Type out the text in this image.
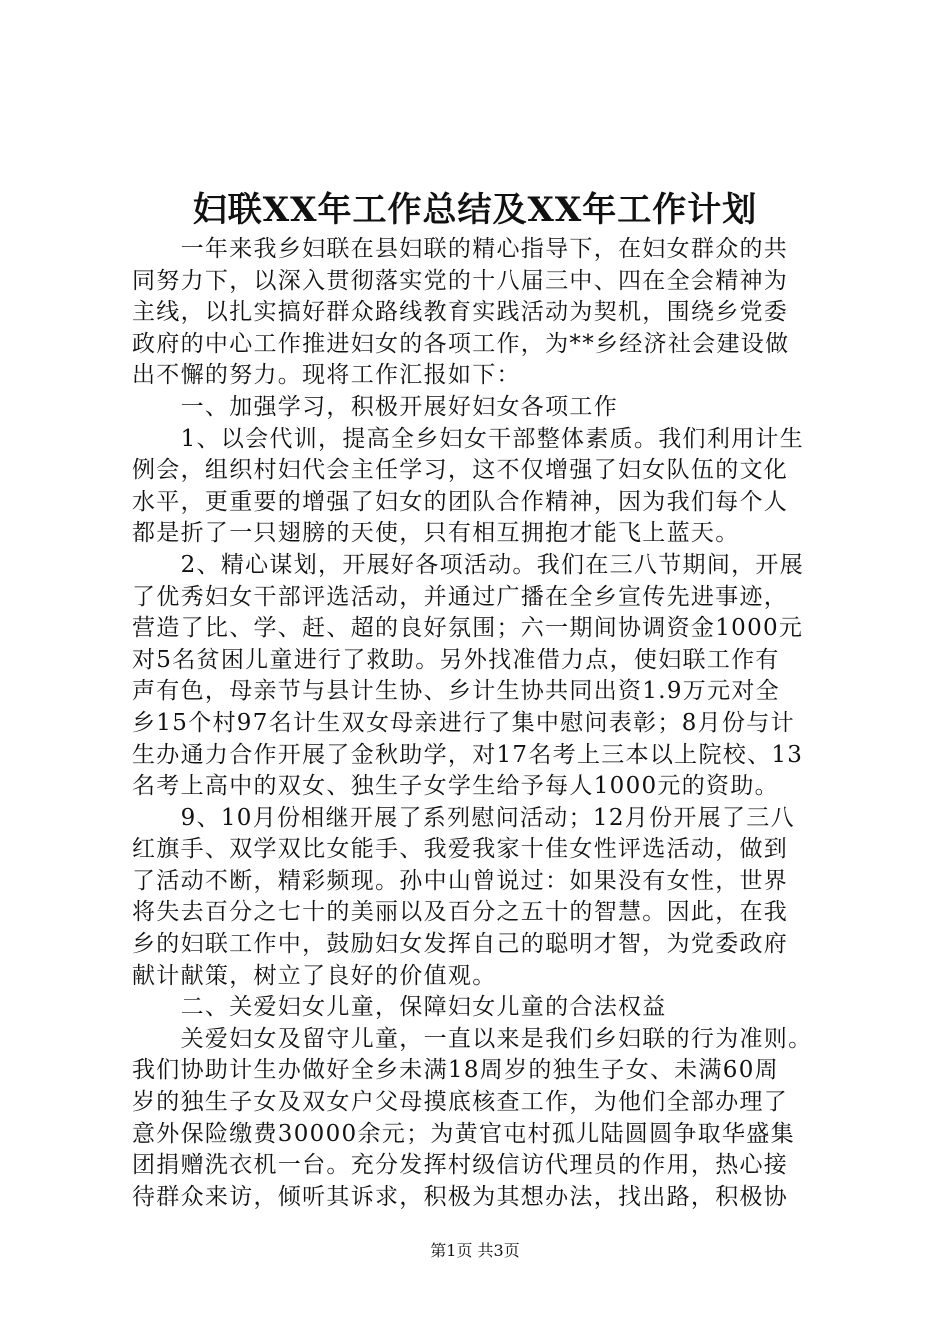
妇联XX年工作总结及XX年工作计划
　　一年来我乡妇联在县妇联的精心指导下，在妇女群众的共
同努力下，以深入贯彻落实党的十八届三中、四在全会精神为
主线，以扎实搞好群众路线教育实践活动为契机，围绕乡党委
政府的中心工作推进妇女的各项工作，为**乡经济社会建设做
出不懈的努力。现将工作汇报如下：
　　一、加强学习，积极开展好妇女各项工作
　　1、以会代训，提高全乡妇女干部整体素质。我们利用计生
例会，组织村妇代会主任学习，这不仅增强了妇女队伍的文化
水平，更重要的增强了妇女的团队合作精神，因为我们每个人
都是折了一只翅膀的天使，只有相互拥抱才能飞上蓝天。
　　2、精心谋划，开展好各项活动。我们在三八节期间，开展
了优秀妇女干部评选活动，并通过广播在全乡宣传先进事迹，
营造了比、学、赶、超的良好氛围；六一期间协调资金1000元
对5名贫困儿童进行了救助。另外找准借力点，使妇联工作有
声有色，母亲节与县计生协、乡计生协共同出资1.9万元对全
乡15个村97名计生双女母亲进行了集中慰问表彰；8月份与计
生办通力合作开展了金秋助学，对17名考上三本以上院校、13
名考上高中的双女、独生子女学生给予每人1000元的资助。
　　9、10月份相继开展了系列慰问活动；12月份开展了三八
红旗手、双学双比女能手、我爱我家十佳女性评选活动，做到
了活动不断，精彩频现。孙中山曾说过：如果没有女性，世界
将失去百分之七十的美丽以及百分之五十的智慧。因此，在我
乡的妇联工作中，鼓励妇女发挥自己的聪明才智，为党委政府
献计献策，树立了良好的价值观。
　　二、关爱妇女儿童，保障妇女儿童的合法权益
　　关爱妇女及留守儿童，一直以来是我们乡妇联的行为准则。
我们协助计生办做好全乡未满18周岁的独生子女、未满60周
岁的独生子女及双女户父母摸底核查工作，为他们全部办理了
意外保险缴费30000余元；为黄官屯村孤儿陆圆圆争取华盛集
团捐赠洗衣机一台。充分发挥村级信访代理员的作用，热心接
待群众来访，倾听其诉求，积极为其想办法，找出路，积极协
第1页 共3页
